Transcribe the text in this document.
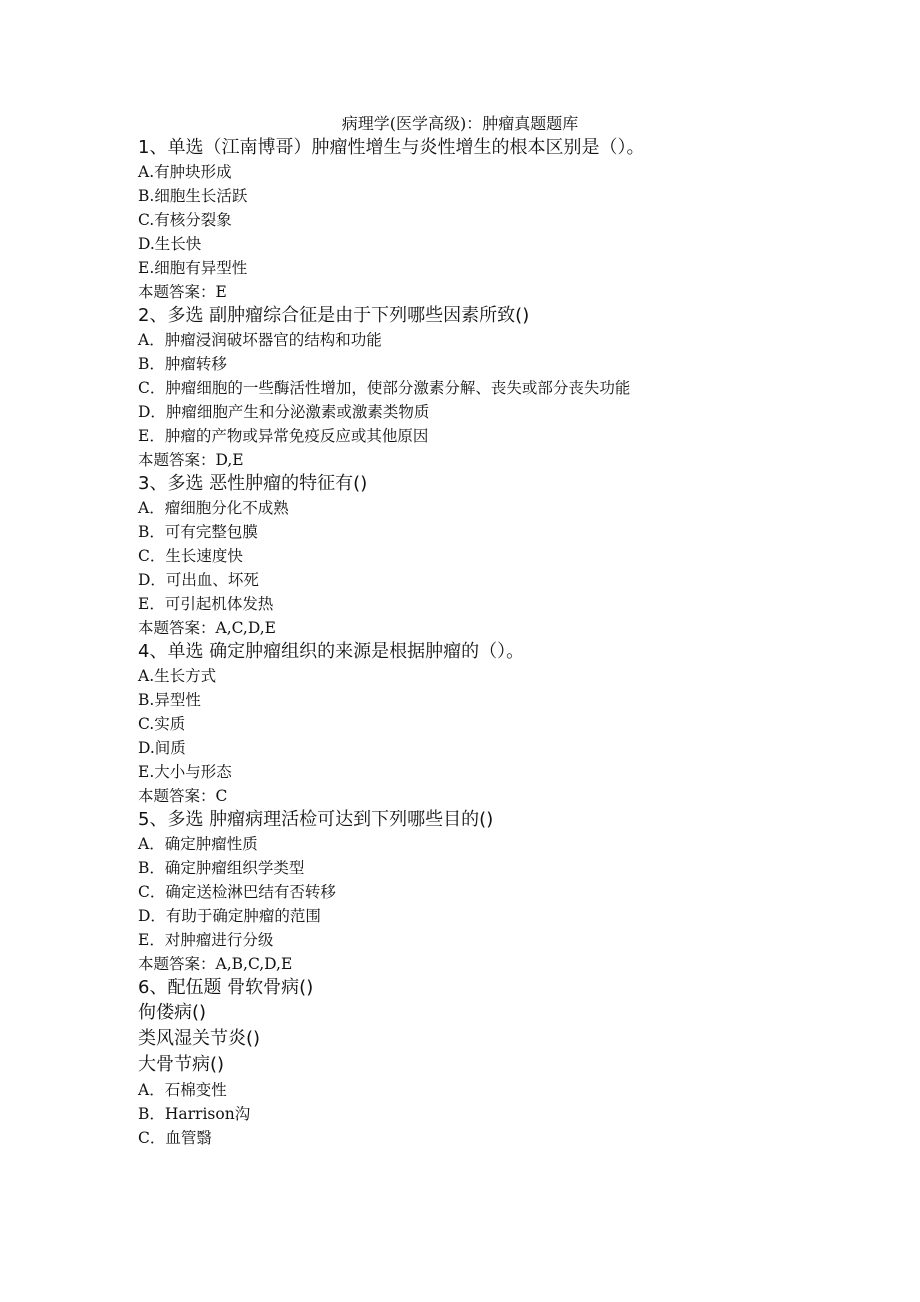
病理学(医学高级)：肿瘤真题题库
1、单选（江南博哥）肿瘤性增生与炎性增生的根本区别是（）。
A.有肿块形成
B.细胞生长活跃
C.有核分裂象
D.生长快
E.细胞有异型性
本题答案：E
2、多选 副肿瘤综合征是由于下列哪些因素所致()
A．肿瘤浸润破坏器官的结构和功能
B．肿瘤转移
C．肿瘤细胞的一些酶活性增加，使部分激素分解、丧失或部分丧失功能
D．肿瘤细胞产生和分泌激素或激素类物质
E．肿瘤的产物或异常免疫反应或其他原因
本题答案：D,E
3、多选 恶性肿瘤的特征有()
A．瘤细胞分化不成熟
B．可有完整包膜
C．生长速度快
D．可出血、坏死
E．可引起机体发热
本题答案：A,C,D,E
4、单选 确定肿瘤组织的来源是根据肿瘤的（）。
A.生长方式
B.异型性
C.实质
D.间质
E.大小与形态
本题答案：C
5、多选 肿瘤病理活检可达到下列哪些目的()
A．确定肿瘤性质
B．确定肿瘤组织学类型
C．确定送检淋巴结有否转移
D．有助于确定肿瘤的范围
E．对肿瘤进行分级
本题答案：A,B,C,D,E
6、配伍题 骨软骨病()
佝偻病()
类风湿关节炎()
大骨节病()
A．石棉变性
B．Harrison沟
C．血管翳
